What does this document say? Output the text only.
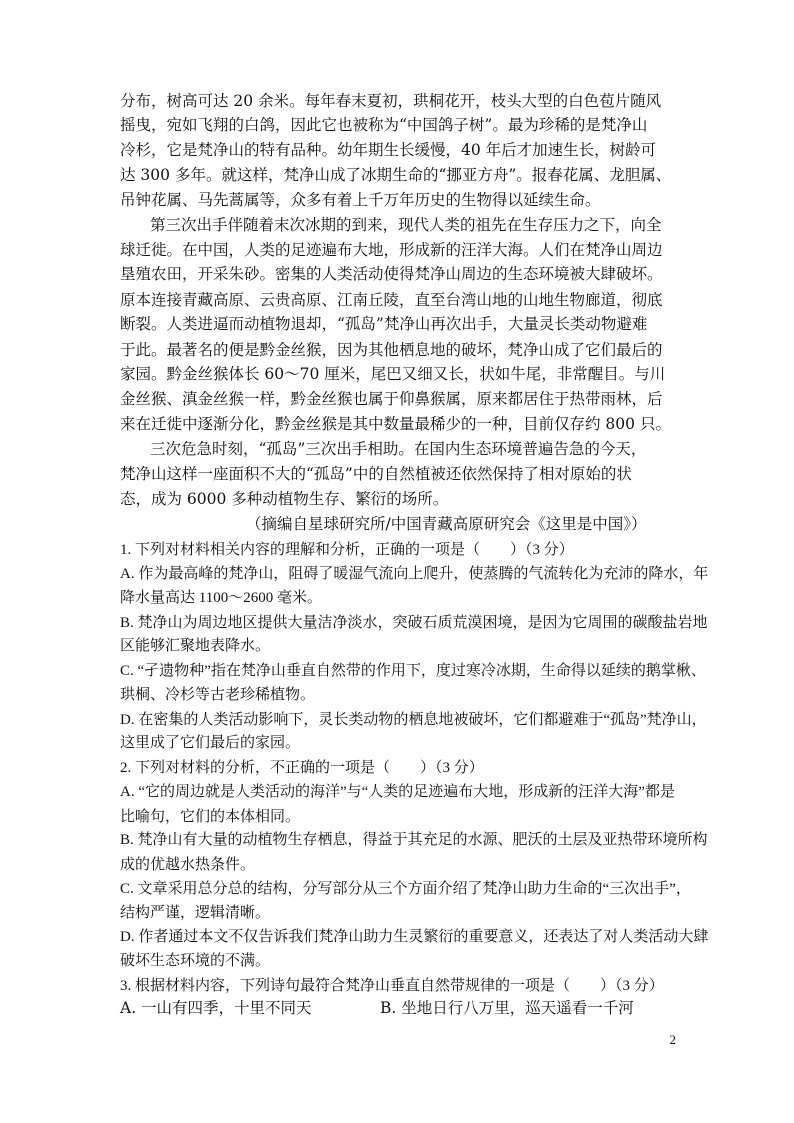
分布，树高可达 20 余米。每年春末夏初，珙桐花开，枝头大型的白色苞片随风
摇曳，宛如飞翔的白鸽，因此它也被称为“中国鸽子树”。最为珍稀的是梵净山
冷杉，它是梵净山的特有品种。幼年期生长缓慢，40 年后才加速生长，树龄可
达 300 多年。就这样，梵净山成了冰期生命的“挪亚方舟”。报春花属、龙胆属、
吊钟花属、马先蒿属等，众多有着上千万年历史的生物得以延续生命。
第三次出手伴随着末次冰期的到来，现代人类的祖先在生存压力之下，向全
球迁徙。在中国，人类的足迹遍布大地，形成新的汪洋大海。人们在梵净山周边
垦殖农田，开采朱砂。密集的人类活动使得梵净山周边的生态环境被大肆破坏。
原本连接青藏高原、云贵高原、江南丘陵，直至台湾山地的山地生物廊道，彻底
断裂。人类进逼而动植物退却，“孤岛”梵净山再次出手，大量灵长类动物避难
于此。最著名的便是黔金丝猴，因为其他栖息地的破坏，梵净山成了它们最后的
家园。黔金丝猴体长 60～70 厘米，尾巴又细又长，状如牛尾，非常醒目。与川
金丝猴、滇金丝猴一样，黔金丝猴也属于仰鼻猴属，原来都居住于热带雨林，后
来在迁徙中逐渐分化，黔金丝猴是其中数量最稀少的一种，目前仅存约 800 只。
三次危急时刻，“孤岛”三次出手相助。在国内生态环境普遍告急的今天，
梵净山这样一座面积不大的“孤岛”中的自然植被还依然保持了相对原始的状
态，成为 6000 多种动植物生存、繁衍的场所。
（摘编自星球研究所/中国青藏高原研究会《这里是中国》）
1. 下列对材料相关内容的理解和分析，正确的一项是（　　）（3 分）
A. 作为最高峰的梵净山，阻碍了暖湿气流向上爬升，使蒸腾的气流转化为充沛的降水，年
降水量高达 1100～2600 毫米。
B. 梵净山为周边地区提供大量洁净淡水，突破石质荒漠困境，是因为它周围的碳酸盐岩地
区能够汇聚地表降水。
C. “孑遗物种”指在梵净山垂直自然带的作用下，度过寒冷冰期，生命得以延续的鹅掌楸、
珙桐、冷杉等古老珍稀植物。
D. 在密集的人类活动影响下，灵长类动物的栖息地被破坏，它们都避难于“孤岛”梵净山，
这里成了它们最后的家园。
2. 下列对材料的分析，不正确的一项是（　　）（3 分）
A. “它的周边就是人类活动的海洋”与“人类的足迹遍布大地，形成新的汪洋大海”都是
比喻句，它们的本体相同。
B. 梵净山有大量的动植物生存栖息，得益于其充足的水源、肥沃的土层及亚热带环境所构
成的优越水热条件。
C. 文章采用总分总的结构，分写部分从三个方面介绍了梵净山助力生命的“三次出手”，
结构严谨，逻辑清晰。
D. 作者通过本文不仅告诉我们梵净山助力生灵繁衍的重要意义，还表达了对人类活动大肆
破坏生态环境的不满。
3. 根据材料内容，下列诗句最符合梵净山垂直自然带规律的一项是（　　）（3 分）
A. 一山有四季，十里不同天	B. 坐地日行八万里，巡天遥看一千河
2
